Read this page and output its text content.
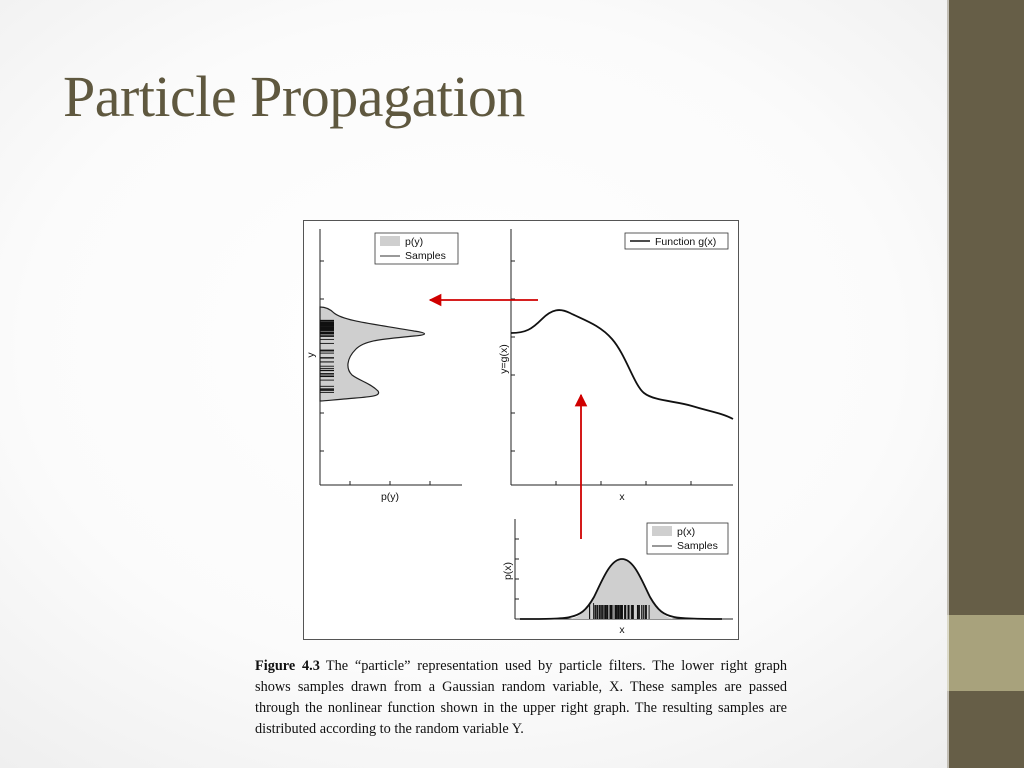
Particle Propagation
p(y)
Samples
p(y)
y
Function g(x)
x
y=g(x)
p(x)
Samples
x
p(x)

Figure 4.3 The “particle” representation used by particle filters. The lower right graph shows samples drawn from a Gaussian random variable, X. These samples are passed through the nonlinear function shown in the upper right graph. The resulting samples are distributed according to the random variable Y.
